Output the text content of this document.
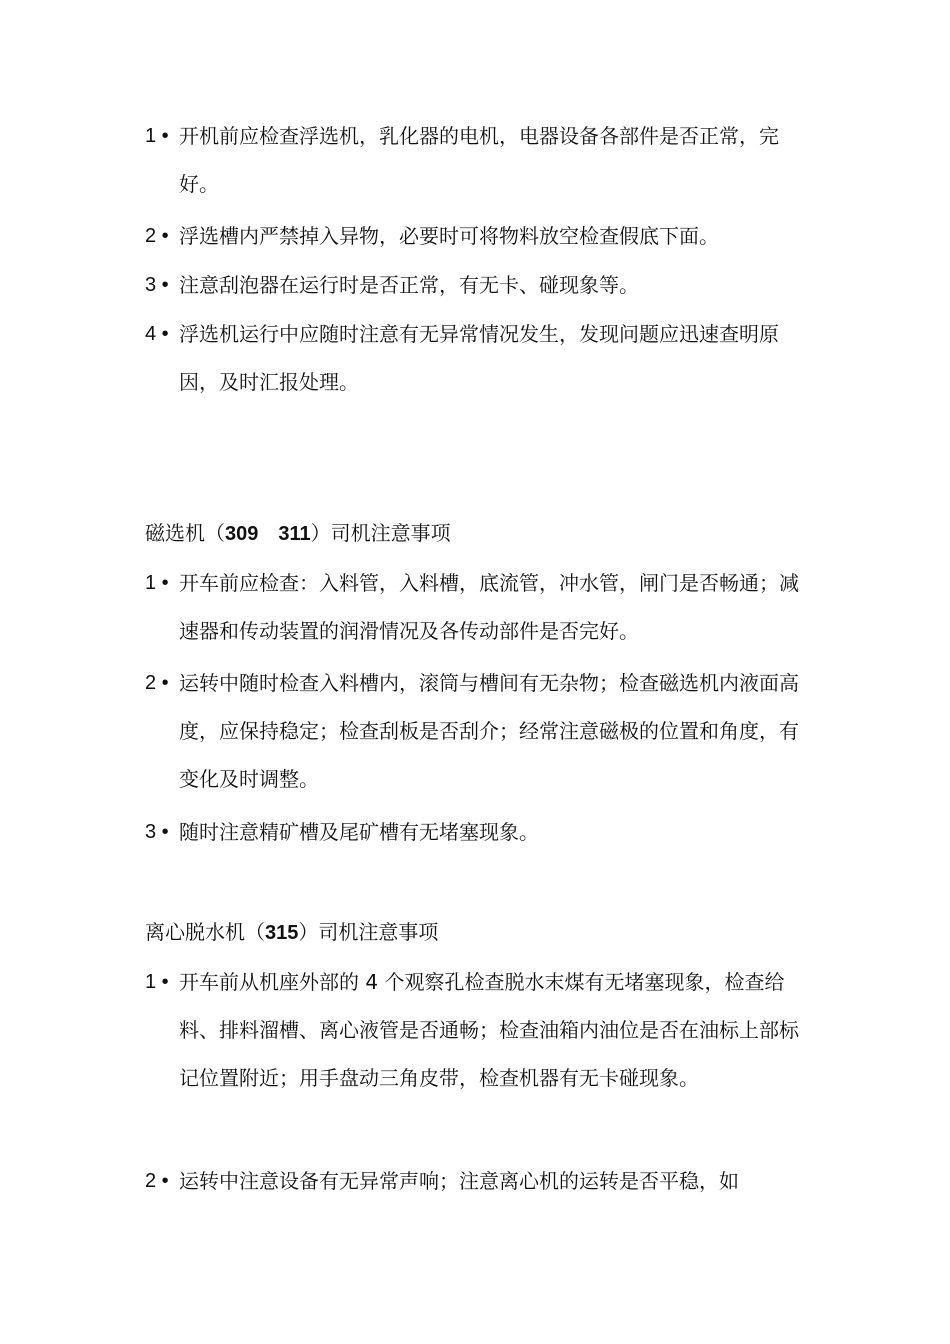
1 • 开机前应检查浮选机，乳化器的电机，电器设备各部件是否正常，完好。
2 • 浮选槽内严禁掉入异物，必要时可将物料放空检查假底下面。
3 • 注意刮泡器在运行时是否正常，有无卡、碰现象等。
4 • 浮选机运行中应随时注意有无异常情况发生，发现问题应迅速查明原因，及时汇报处理。
磁选机（309　311）司机注意事项
1 • 开车前应检查：入料管，入料槽，底流管，冲水管，闸门是否畅通；减速器和传动装置的润滑情况及各传动部件是否完好。
2 • 运转中随时检查入料槽内，滚筒与槽间有无杂物；检查磁选机内液面高度，应保持稳定；检查刮板是否刮介；经常注意磁极的位置和角度，有变化及时调整。
3 • 随时注意精矿槽及尾矿槽有无堵塞现象。
离心脱水机（315）司机注意事项
1 • 开车前从机座外部的 4 个观察孔检查脱水末煤有无堵塞现象，检查给料、排料溜槽、离心液管是否通畅；检查油箱内油位是否在油标上部标记位置附近；用手盘动三角皮带，检查机器有无卡碰现象。
2 • 运转中注意设备有无异常声响；注意离心机的运转是否平稳，如
